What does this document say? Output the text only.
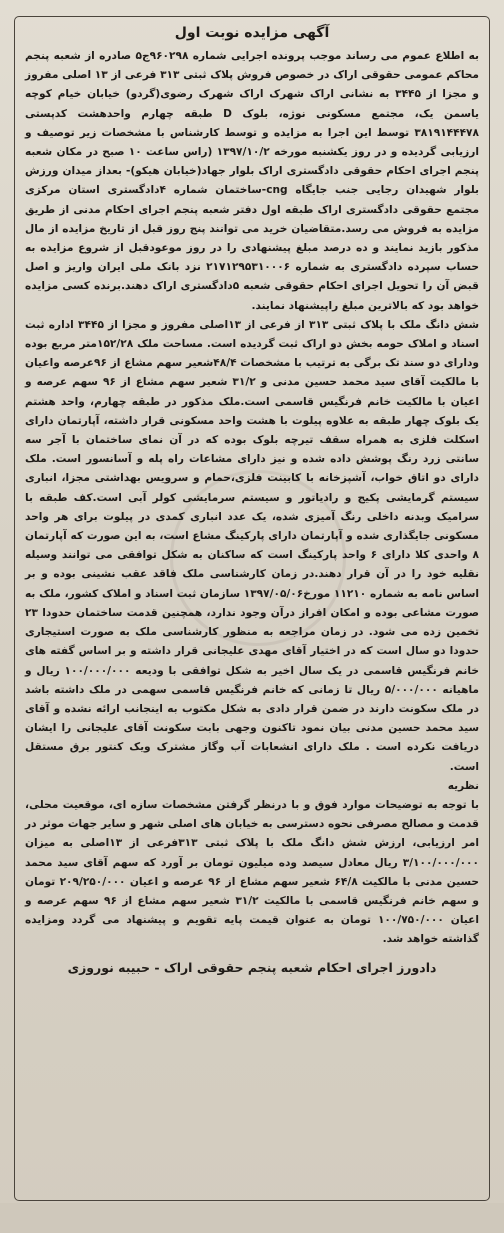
آگهی مزایده نوبت اول

به اطلاع عموم می رساند موجب پرونده اجرایی شماره ۹۶۰۲۹۸ج۵ صادره از شعبه پنجم محاکم عمومی حقوقی اراک در خصوص فروش پلاک ثبتی ۳۱۳ فرعی از ۱۳ اصلی مفروز و مجزا از ۳۴۴۵ به نشانی اراک شهرک اراک شهرک رضوی(گردو) خیابان خیام کوچه یاسمن یک، مجتمع مسکونی نوژه، بلوک D طبقه چهارم واحدهشت کدپستی ۳۸۱۹۱۴۴۴۷۸ توسط این اجرا به مزایده و توسط کارشناس با مشخصات زیر توصیف و ارزیابی گردیده و در روز یکشنبه مورخه ۱۳۹۷/۱۰/۲ (راس ساعت ۱۰ صبح در مکان شعبه پنجم اجرای احکام حقوقی دادگستری اراک بلوار جهاد(خیابان هیکو)- بعداز میدان ورزش بلوار شهیدان رجایی جنب جایگاه cng-ساختمان شماره ۴دادگستری استان مرکزی مجتمع حقوقی دادگستری اراک طبقه اول دفتر شعبه پنجم اجرای احکام مدنی از طریق مزایده به فروش می رسد.متقاضیان خرید می توانند پنج روز قبل از تاریخ مزایده از مال مذکور بازید نمایند و ده درصد مبلغ پیشنهادی را در روز موعودقبل از شروع مزایده به حساب سپرده دادگستری به شماره ۲۱۷۱۲۹۵۳۱۰۰۰۶ نزد بانک ملی ایران واریز و اصل قبض آن را تحویل اجرای احکام حقوقی شعبه ۵دادگستری اراک دهند.برنده کسی مزایده خواهد بود که بالاترین مبلغ راپیشنهاد نمایند.

شش دانگ ملک با پلاک ثبتی ۳۱۳ از فرعی از ۱۳اصلی مفروز و مجزا از ۳۴۴۵ اداره ثبت اسناد و املاک حومه بخش دو اراک ثبت گردیده است. مساحت ملک ۱۵۲/۲۸متر مربع بوده ودارای دو سند تک برگی به ترتیب با مشخصات ۴۸/۴شعیر سهم مشاع از ۹۶عرصه واعیان با مالکیت آقای سید محمد حسین مدنی و ۳۱/۲ شعیر سهم مشاع از ۹۶ سهم عرصه و اعیان با مالکیت خانم فرنگیس قاسمی است.ملک مذکور در طبقه چهارم، واحد هشتم یک بلوک چهار طبقه به علاوه پیلوت با هشت واحد مسکونی قرار داشته، آپارتمان دارای اسکلت فلزی به همراه سقف تیرچه بلوک بوده که در آن نمای ساختمان با آجر سه سانتی زرد رنگ پوشش داده شده و نیز دارای مشاعات راه پله و آسانسور است. ملک دارای دو اتاق خواب، آشپزخانه با کابینت فلزی،حمام و سرویس بهداشتی مجزا، انباری سیستم گرمایشی پکیج و رادیاتور و سیستم سرمایشی کولر آبی است.کف طبقه با سرامیک وبدنه داخلی رنگ آمیزی شده، یک عدد انباری کمدی در پیلوت برای هر واحد مسکونی جایگذاری شده و آپارتمان دارای پارکینگ مشاع است، به این صورت که آپارتمان ۸ واحدی کلا دارای ۶ واحد پارکینگ است که ساکنان به شکل توافقی می توانند وسیله نقلیه خود را در آن قرار دهند.در زمان کارشناسی ملک فاقد عقب نشینی بوده و بر اساس نامه به شماره ۱۱۲۱۰ مورخ۱۳۹۷/۰۵/۰۶ سازمان ثبت اسناد و املاک کشور، ملک به صورت مشاعی بوده و امکان افراز درآن وجود ندارد، همچنین قدمت ساختمان حدودا ۲۳ تخمین زده می شود. در زمان مراجعه به منظور کارشناسی ملک به صورت استیجاری حدودا دو سال است که در اختیار آقای مهدی علیجانی قرار داشته و بر اساس گفته های خانم فرنگیس قاسمی در یک سال اخیر به شکل توافقی با ودیعه ۱۰۰/۰۰۰/۰۰۰ ریال و ماهیانه ۵/۰۰۰/۰۰۰ ریال تا زمانی که خانم فرنگیس قاسمی سهمی در ملک داشته باشد در ملک سکونت دارند در ضمن قرار دادی به شکل مکتوب به اینجانب ارائه نشده و آقای سید محمد حسین مدنی بیان نمود تاکنون وجهی بابت سکونت آقای علیجانی را ایشان دریافت نکرده است . ملک دارای انشعابات آب وگاز مشترک ویک کنتور برق مستقل است.

نظریه

با توجه به توضیحات موارد فوق و با درنظر گرفتن مشخصات سازه ای، موقعیت محلی، قدمت و مصالح مصرفی نحوه دسترسی به خیابان های اصلی شهر و سایر جهات موثر در امر ارزیابی، ارزش شش دانگ ملک با پلاک ثبتی ۳۱۳فرعی از ۱۳اصلی به میزان ۳/۱۰۰/۰۰۰/۰۰۰ ریال معادل سیصد وده میلیون تومان بر آورد که سهم آقای سید محمد حسین مدنی با مالکیت ۶۴/۸ شعیر سهم مشاع از ۹۶ عرصه و اعیان ۲۰۹/۲۵۰/۰۰۰ تومان و سهم خانم فرنگیس قاسمی با مالکیت ۳۱/۲ شعیر سهم مشاع از ۹۶ سهم عرصه و اعیان ۱۰۰/۷۵۰/۰۰۰ تومان به عنوان قیمت پایه تقویم و پیشنهاد می گردد ومزایده گذاشته خواهد شد.

دادورز اجرای احکام شعبه پنجم حقوقی اراک - حبیبه نوروزی
